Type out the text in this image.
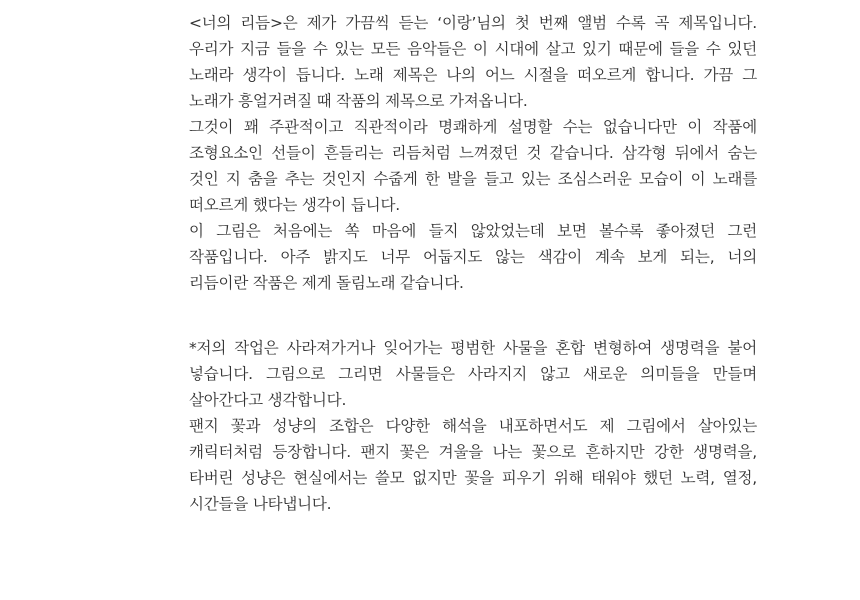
<너의 리듬>은 제가 가끔씩 듣는 ‘이랑’님의 첫 번째 앨범 수록 곡 제목입니다.
우리가 지금 들을 수 있는 모든 음악들은 이 시대에 살고 있기 때문에 들을 수 있던
노래라 생각이 듭니다. 노래 제목은 나의 어느 시절을 떠오르게 합니다. 가끔 그
노래가 흥얼거려질 때 작품의 제목으로 가져옵니다.
그것이 꽤 주관적이고 직관적이라 명쾌하게 설명할 수는 없습니다만 이 작품에
조형요소인 선들이 흔들리는 리듬처럼 느껴졌던 것 같습니다. 삼각형 뒤에서 숨는
것인 지 춤을 추는 것인지 수줍게 한 발을 들고 있는 조심스러운 모습이 이 노래를
떠오르게 했다는 생각이 듭니다.
이 그림은 처음에는 쏙 마음에 들지 않았었는데 보면 볼수록 좋아졌던 그런
작품입니다. 아주 밝지도 너무 어둡지도 않는 색감이 계속 보게 되는, 너의
리듬이란 작품은 제게 돌림노래 같습니다.
*저의 작업은 사라져가거나 잊어가는 평범한 사물을 혼합 변형하여 생명력을 불어
넣습니다. 그림으로 그리면 사물들은 사라지지 않고 새로운 의미들을 만들며
살아간다고 생각합니다.
팬지 꽃과 성냥의 조합은 다양한 해석을 내포하면서도 제 그림에서 살아있는
캐릭터처럼 등장합니다. 팬지 꽃은 겨울을 나는 꽃으로 흔하지만 강한 생명력을,
타버린 성냥은 현실에서는 쓸모 없지만 꽃을 피우기 위해 태워야 했던 노력, 열정,
시간들을 나타냅니다.
